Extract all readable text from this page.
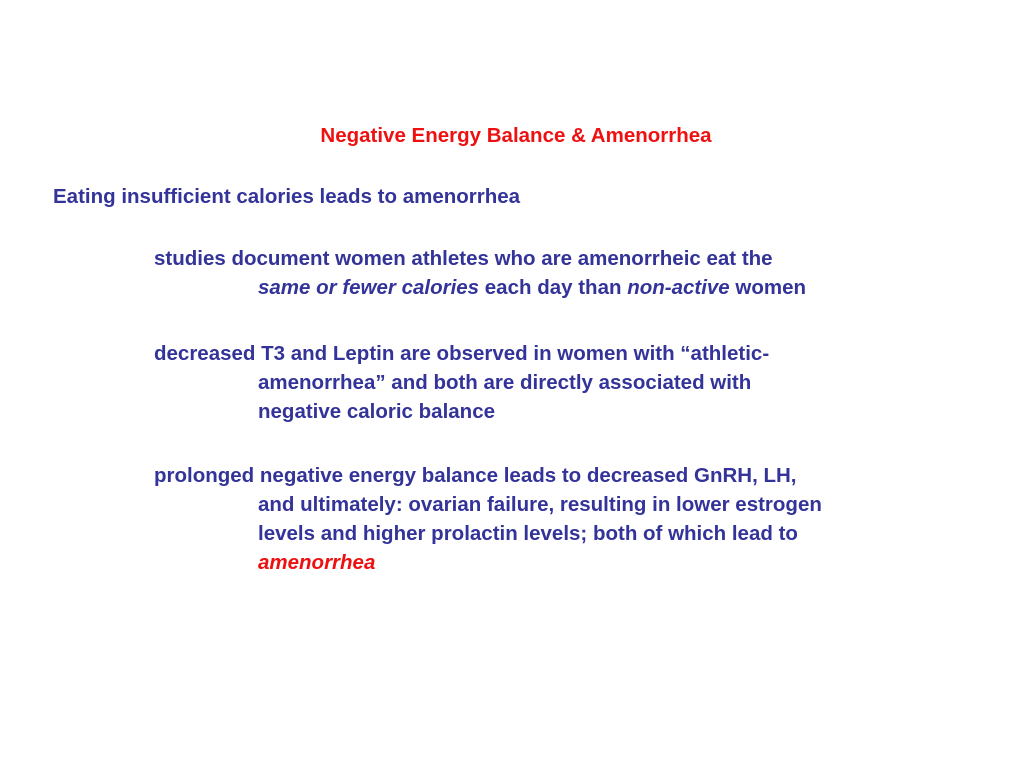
Negative Energy Balance & Amenorrhea
Eating insufficient calories leads to amenorrhea
studies document women athletes who are amenorrheic eat the
same or fewer calories each day than non-active women
decreased T3 and Leptin are observed in women with “athletic-
amenorrhea” and both are directly associated with
negative caloric balance
prolonged negative energy balance leads to decreased GnRH, LH,
and ultimately: ovarian failure, resulting in lower estrogen
levels and higher prolactin levels; both of which lead to
amenorrhea
